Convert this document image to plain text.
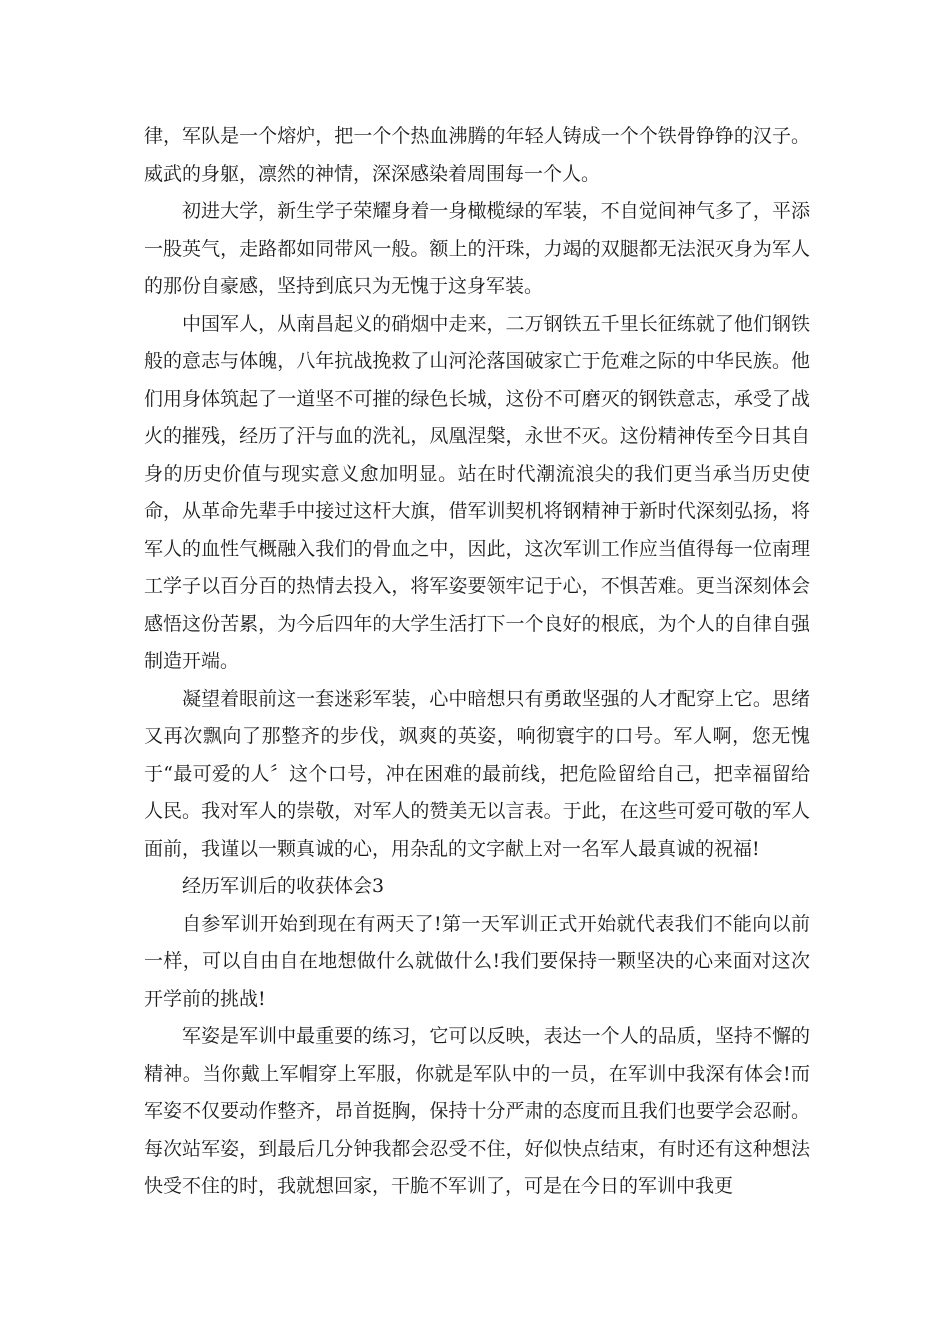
律，军队是一个熔炉，把一个个热血沸腾的年轻人铸成一个个铁骨铮铮的汉子。威武的身躯，凛然的神情，深深感染着周围每一个人。

初进大学，新生学子荣耀身着一身橄榄绿的军装，不自觉间神气多了，平添一股英气，走路都如同带风一般。额上的汗珠，力竭的双腿都无法泯灭身为军人的那份自豪感，坚持到底只为无愧于这身军装。

中国军人，从南昌起义的硝烟中走来，二万钢铁五千里长征练就了他们钢铁般的意志与体魄，八年抗战挽救了山河沦落国破家亡于危难之际的中华民族。他们用身体筑起了一道坚不可摧的绿色长城，这份不可磨灭的钢铁意志，承受了战火的摧残，经历了汗与血的洗礼，凤凰涅槃，永世不灭。这份精神传至今日其自身的历史价值与现实意义愈加明显。站在时代潮流浪尖的我们更当承当历史使命，从革命先辈手中接过这杆大旗，借军训契机将钢精神于新时代深刻弘扬，将军人的血性气概融入我们的骨血之中，因此，这次军训工作应当值得每一位南理工学子以百分百的热情去投入，将军姿要领牢记于心，不惧苦难。更当深刻体会感悟这份苦累，为今后四年的大学生活打下一个良好的根底，为个人的自律自强制造开端。

凝望着眼前这一套迷彩军装，心中暗想只有勇敢坚强的人才配穿上它。思绪又再次飘向了那整齐的步伐，飒爽的英姿，响彻寰宇的口号。军人啊，您无愧于“最可爱的人〞这个口号，冲在困难的最前线，把危险留给自己，把幸福留给人民。我对军人的崇敬，对军人的赞美无以言表。于此，在这些可爱可敬的军人面前，我谨以一颗真诚的心，用杂乱的文字献上对一名军人最真诚的祝福!

经历军训后的收获体会3

自参军训开始到现在有两天了!第一天军训正式开始就代表我们不能向以前一样，可以自由自在地想做什么就做什么!我们要保持一颗坚决的心来面对这次开学前的挑战!

军姿是军训中最重要的练习，它可以反映，表达一个人的品质，坚持不懈的精神。当你戴上军帽穿上军服，你就是军队中的一员，在军训中我深有体会!而军姿不仅要动作整齐，昂首挺胸，保持十分严肃的态度而且我们也要学会忍耐。每次站军姿，到最后几分钟我都会忍受不住，好似快点结束，有时还有这种想法快受不住的时，我就想回家，干脆不军训了，可是在今日的军训中我更
